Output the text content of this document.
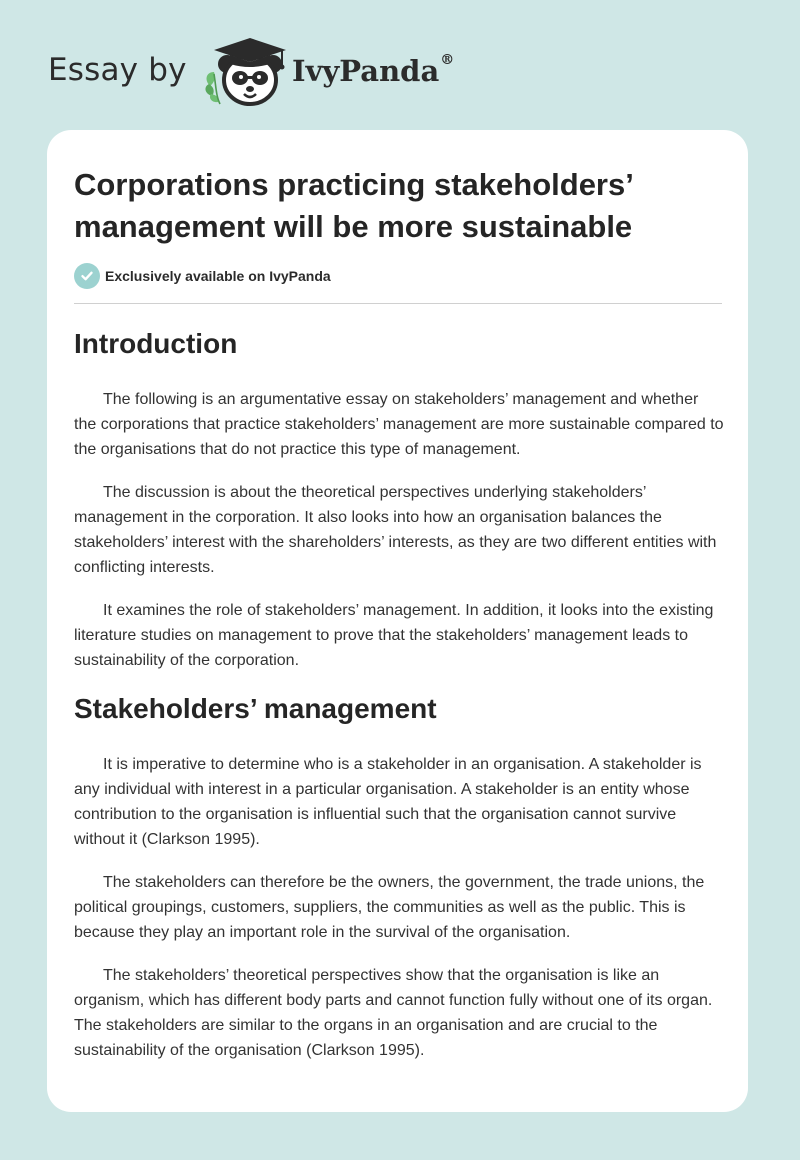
Essay by	IvyPanda®
Corporations practicing stakeholders’ management will be more sustainable
Exclusively available on IvyPanda
Introduction

The following is an argumentative essay on stakeholders’ management and whether the corporations that practice stakeholders’ management are more sustainable compared to the organisations that do not practice this type of management.

The discussion is about the theoretical perspectives underlying stakeholders’ management in the corporation. It also looks into how an organisation balances the stakeholders’ interest with the shareholders’ interests, as they are two different entities with conflicting interests.

It examines the role of stakeholders’ management. In addition, it looks into the existing literature studies on management to prove that the stakeholders’ management leads to sustainability of the corporation.

Stakeholders’ management

It is imperative to determine who is a stakeholder in an organisation. A stakeholder is any individual with interest in a particular organisation. A stakeholder is an entity whose contribution to the organisation is influential such that the organisation cannot survive without it (Clarkson 1995).

The stakeholders can therefore be the owners, the government, the trade unions, the political groupings, customers, suppliers, the communities as well as the public. This is because they play an important role in the survival of the organisation.

The stakeholders’ theoretical perspectives show that the organisation is like an organism, which has different body parts and cannot function fully without one of its organ. The stakeholders are similar to the organs in an organisation and are crucial to the sustainability of the organisation (Clarkson 1995).
